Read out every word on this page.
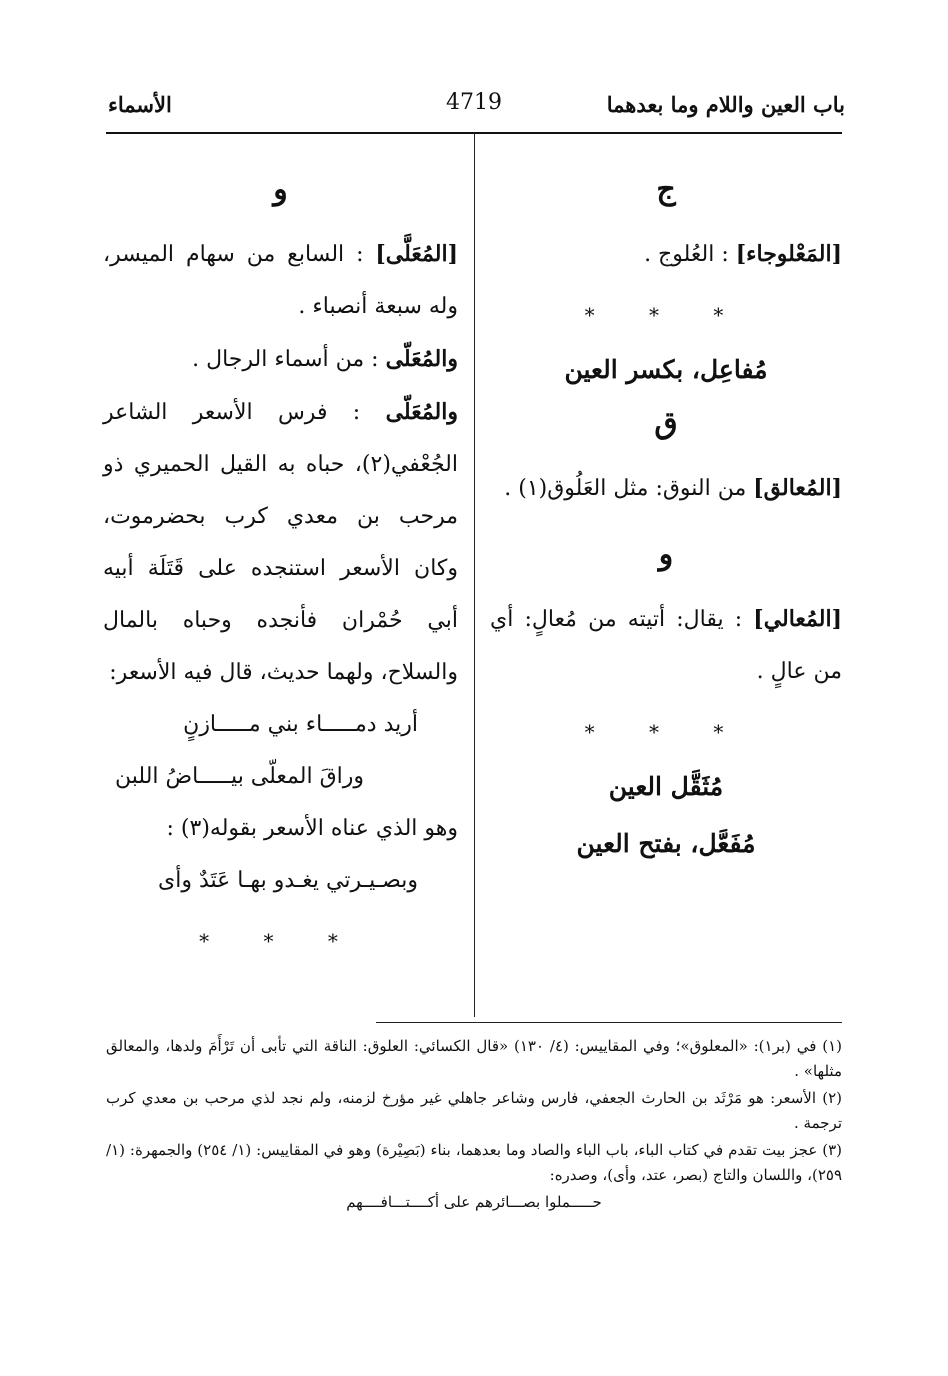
باب العين واللام وما بعدهما
4719
الأسماء
ج

[المَعْلوجاء] : العُلوج .

* * *
مُفاعِل، بكسر العين
ق

[المُعالق] من النوق: مثل العَلُوق(١) .

و

[المُعالي] : يقال: أتيته من مُعالٍ: أي من عالٍ .

* * *
مُثَقَّل العين
مُفَعَّل، بفتح العين
و

[المُعَلَّى] : السابع من سهام الميسر، وله سبعة أنصباء .

والمُعَلّى : من أسماء الرجال .

والمُعَلّى : فرس الأسعر الشاعر الجُعْفي(٢)، حباه به القيل الحميري ذو مرحب بن معدي كرب بحضرموت، وكان الأسعر استنجده على قَتَلَة أبيه أبي حُمْران فأنجده وحباه بالمال والسلاح، ولهما حديث، قال فيه الأسعر:

أريد دمـــــاء بني مـــــازنٍ
وراقَ المعلّى بيـــــاضُ اللبن

وهو الذي عناه الأسعر بقوله(٣) :

وبصـيـرتي يغـدو بهـا عَتَدٌ وأى
* * *

(١) في (بر١): «المعلوق»؛ وفي المقاييس: (٤/ ١٣٠) «قال الكسائي: العلوق: الناقة التي تأبى أن تَرْأَمَ ولدها، والمعالق مثلها» .

(٢) الأسعر: هو مَرْثَد بن الحارث الجعفي، فارس وشاعر جاهلي غير مؤرخ لزمنه، ولم نجد لذي مرحب بن معدي كرب ترجمة .

(٣) عجز بيت تقدم في كتاب الباء، باب الباء والصاد وما بعدهما، بناء (بَصِيْرة) وهو في المقاييس: (١/ ٢٥٤) والجمهرة: (١/ ٢٥٩)، واللسان والتاج (بصر، عتد، وأى)، وصدره:

حـــــملوا بصـــائرهم على أكــــتـــافــــهم
